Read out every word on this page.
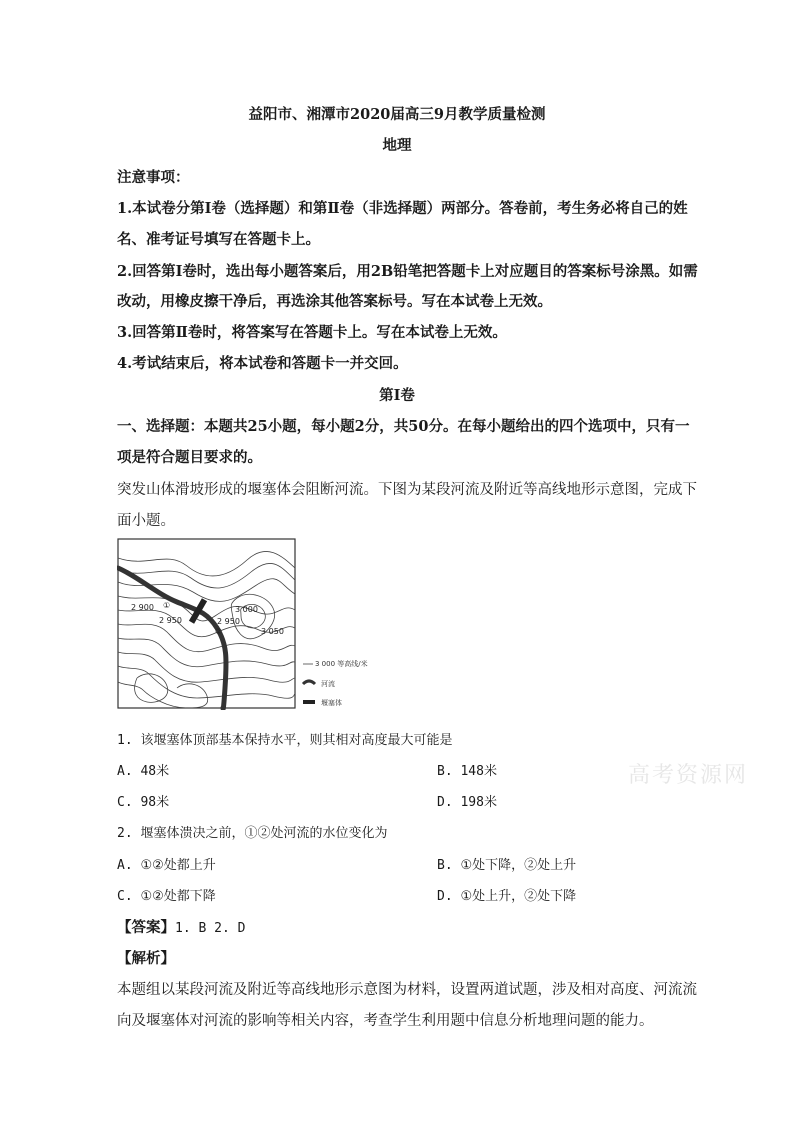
益阳市、湘潭市2020届高三9月教学质量检测
地理
注意事项：
1.本试卷分第Ⅰ卷（选择题）和第Ⅱ卷（非选择题）两部分。答卷前，考生务必将自己的姓
名、准考证号填写在答题卡上。
2.回答第Ⅰ卷时，选出每小题答案后，用2B铅笔把答题卡上对应题目的答案标号涂黑。如需
改动，用橡皮擦干净后，再选涂其他答案标号。写在本试卷上无效。
3.回答第Ⅱ卷时，将答案写在答题卡上。写在本试卷上无效。
4.考试结束后，将本试卷和答题卡一并交回。
第Ⅰ卷
一、选择题：本题共25小题，每小题2分，共50分。在每小题给出的四个选项中，只有一
项是符合题目要求的。
突发山体滑坡形成的堰塞体会阻断河流。下图为某段河流及附近等高线地形示意图，完成下
面小题。
2 900
2 950
3 000
2 950
3 050
①
②
3 000 等高线/米
河流
堰塞体
1. 该堰塞体顶部基本保持水平，则其相对高度最大可能是
A. 48米	B. 148米
C. 98米	D. 198米
2. 堰塞体溃决之前，①②处河流的水位变化为
A. ①②处都上升	B. ①处下降，②处上升
C. ①②处都下降	D. ①处上升，②处下降
【答案】1. B 2. D
【解析】
本题组以某段河流及附近等高线地形示意图为材料，设置两道试题，涉及相对高度、河流流
向及堰塞体对河流的影响等相关内容，考查学生利用题中信息分析地理问题的能力。
高考资源网
